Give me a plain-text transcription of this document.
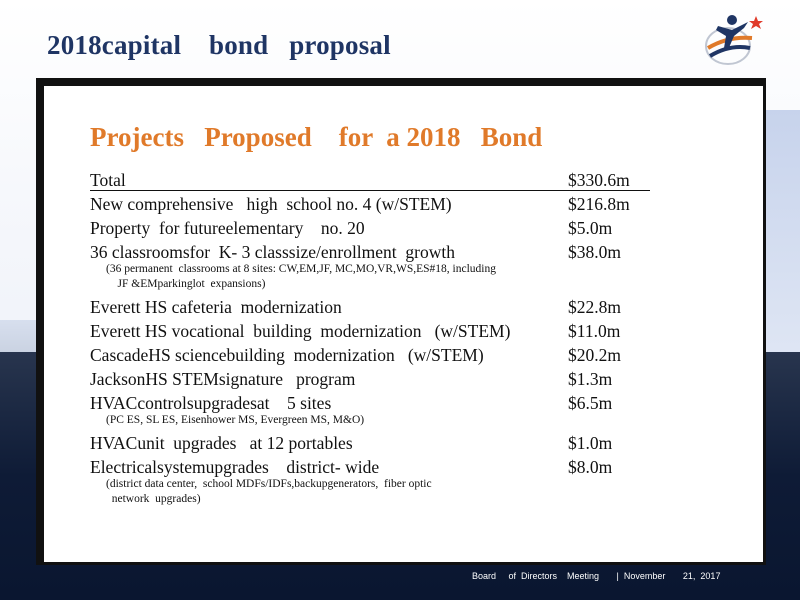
2018capital    bond   proposal
Projects   Proposed    for  a 2018   Bond
Total	$330.6m
New comprehensive   high  school no. 4 (w/STEM)	$216.8m
Property  for futureelementary    no. 20	$5.0m
36 classroomsfor  K- 3 classsize/enrollment  growth	$38.0m
(36 permanent  classrooms at 8 sites: CW,EM,JF, MC,MO,VR,WS,ES#18, including
JF &EMparkinglot  expansions)
Everett HS cafeteria  modernization	$22.8m
Everett HS vocational  building  modernization   (w/STEM)	$11.0m
CascadeHS sciencebuilding  modernization   (w/STEM)	$20.2m
JacksonHS STEMsignature   program	$1.3m
HVACcontrolsupgradesat    5 sites	$6.5m
(PC ES, SL ES, Eisenhower MS, Evergreen MS, M&O)
HVACunit  upgrades   at 12 portables	$1.0m
Electricalsystemupgrades    district- wide	$8.0m
(district data center,  school MDFs/IDFs,backupgenerators,  fiber optic
network  upgrades)
Board     of  Directors    Meeting       |  November       21,  2017
